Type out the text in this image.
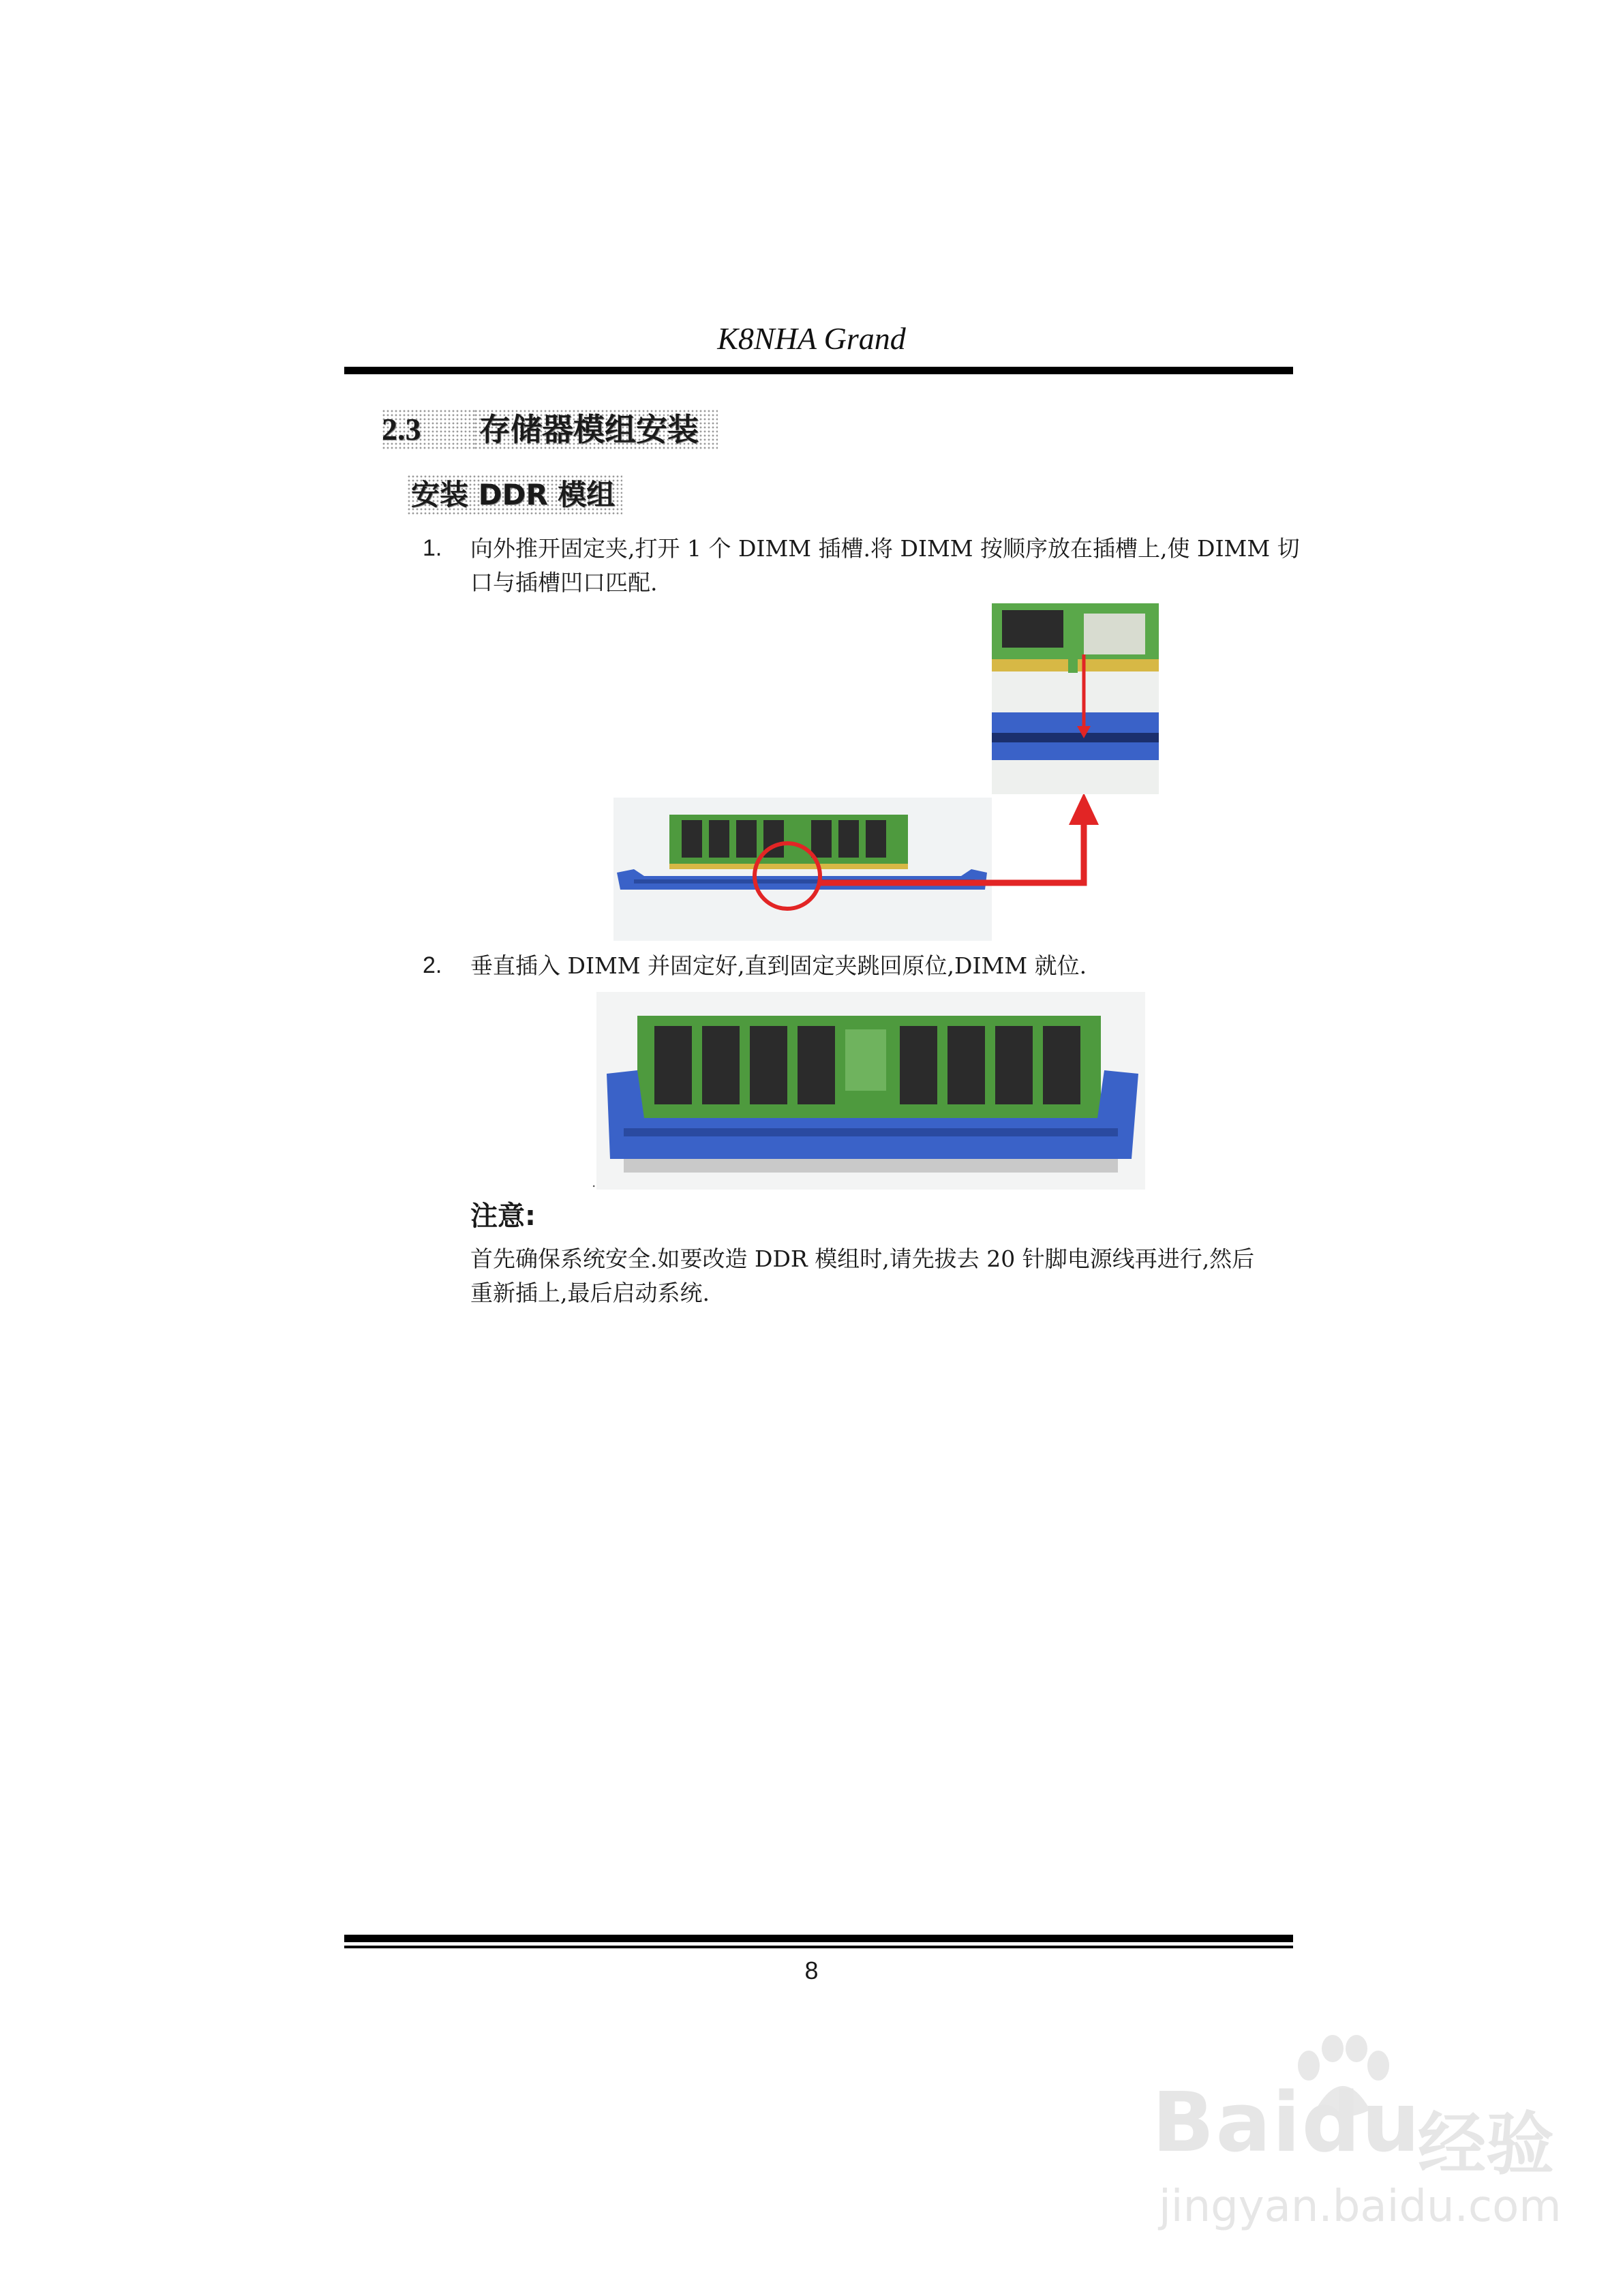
K8NHA Grand
2.3	存储器模组安装
安装 DDR 模组
1. 向外推开固定夹,打开 1 个 DIMM 插槽.将 DIMM 按顺序放在插槽上,使 DIMM 切
口与插槽凹口匹配.
2. 垂直插入 DIMM 并固定好,直到固定夹跳回原位,DIMM 就位.
.
注意:
首先确保系统安全.如要改造 DDR 模组时,请先拔去 20 针脚电源线再进行,然后
重新插上,最后启动系统.
8
Baidu
经验
jingyan.baidu.com
